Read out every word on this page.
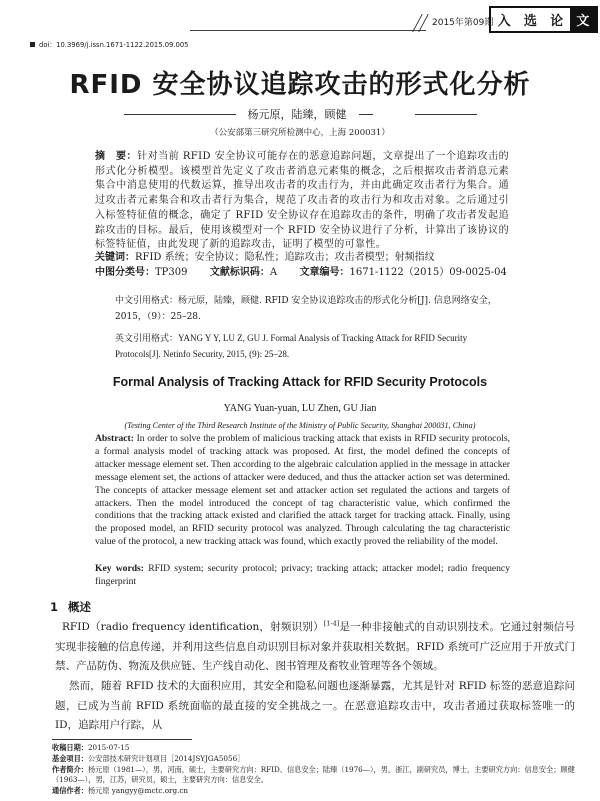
2015年第09期 入	选	论	文
doi：10.3969/j.issn.1671-1122.2015.09.005
RFID 安全协议追踪攻击的形式化分析
杨元原，陆臻，顾健
（公安部第三研究所检测中心，上海 200031）
摘　要：针对当前 RFID 安全协议可能存在的恶意追踪问题，文章提出了一个追踪攻击的形式化分析模型。该模型首先定义了攻击者消息元素集的概念，之后根据攻击者消息元素集合中消息使用的代数运算，推导出攻击者的攻击行为，并由此确定攻击者行为集合。通过攻击者元素集合和攻击者行为集合，规范了攻击者的攻击行为和攻击对象。之后通过引入标签特征值的概念，确定了 RFID 安全协议存在追踪攻击的条件，明确了攻击者发起追踪攻击的目标。最后，使用该模型对一个 RFID 安全协议进行了分析，计算出了该协议的标签特征值，由此发现了新的追踪攻击，证明了模型的可靠性。
关键词：RFID 系统；安全协议；隐私性；追踪攻击；攻击者模型；射频指纹
中图分类号：TP309 文献标识码：A 文章编号：1671-1122（2015）09-0025-04
中文引用格式：杨元原，陆臻，顾健. RFID 安全协议追踪攻击的形式化分析[J]. 信息网络安全，2015，（9）：25–28.
英文引用格式：YANG Y Y, LU Z, GU J. Formal Analysis of Tracking Attack for RFID Security Protocols[J]. Netinfo Security, 2015, (9): 25–28.
Formal Analysis of Tracking Attack for RFID Security Protocols
YANG Yuan-yuan, LU Zhen, GU Jian
(Testing Center of the Third Research Institute of the Ministry of Public Security, Shanghai 200031, China)
Abstract: In order to solve the problem of malicious tracking attack that exists in RFID security protocols, a formal analysis model of tracking attack was proposed. At first, the model defined the concepts of attacker message element set. Then according to the algebraic calculation applied in the message in attacker message element set, the actions of attacker were deduced, and thus the attacker action set was determined. The concepts of attacker message element set and attacker action set regulated the actions and targets of attackers. Then the model introduced the concept of tag characteristic value, which confirmed the conditions that the tracking attack existed and clarified the attack target for tracking attack. Finally, using the proposed model, an RFID security protocol was analyzed. Through calculating the tag characteristic value of the protocol, a new tracking attack was found, which exactly proved the reliability of the model.
Key words: RFID system; security protocol; privacy; tracking attack; attacker model; radio frequency fingerprint
1 概述
RFID（radio frequency identification，射频识别）[1-4]是一种非接触式的自动识别技术。它通过射频信号实现非接触的信息传递，并利用这些信息自动识别目标对象并获取相关数据。RFID 系统可广泛应用于开放式门禁、产品防伪、物流及供应链、生产线自动化、图书管理及畜牧业管理等各个领域。
然而，随着 RFID 技术的大面积应用，其安全和隐私问题也逐渐暴露，尤其是针对 RFID 标签的恶意追踪问题，已成为当前 RFID 系统面临的最直接的安全挑战之一。在恶意追踪攻击中，攻击者通过获取标签唯一的 ID，追踪用户行踪，从
收稿日期：2015-07-15
基金项目：公安部技术研究计划项目［2014JSYJGA5056］
作者简介：杨元原（1981—），男，河南，硕士，主要研究方向：RFID、信息安全；陆臻（1976—），男，浙江，副研究员，博士，主要研究方向：信息安全；顾健（1963—），男，江苏，研究员，硕士，主要研究方向：信息安全。
通信作者：杨元原 yangyy@mctc.org.cn
